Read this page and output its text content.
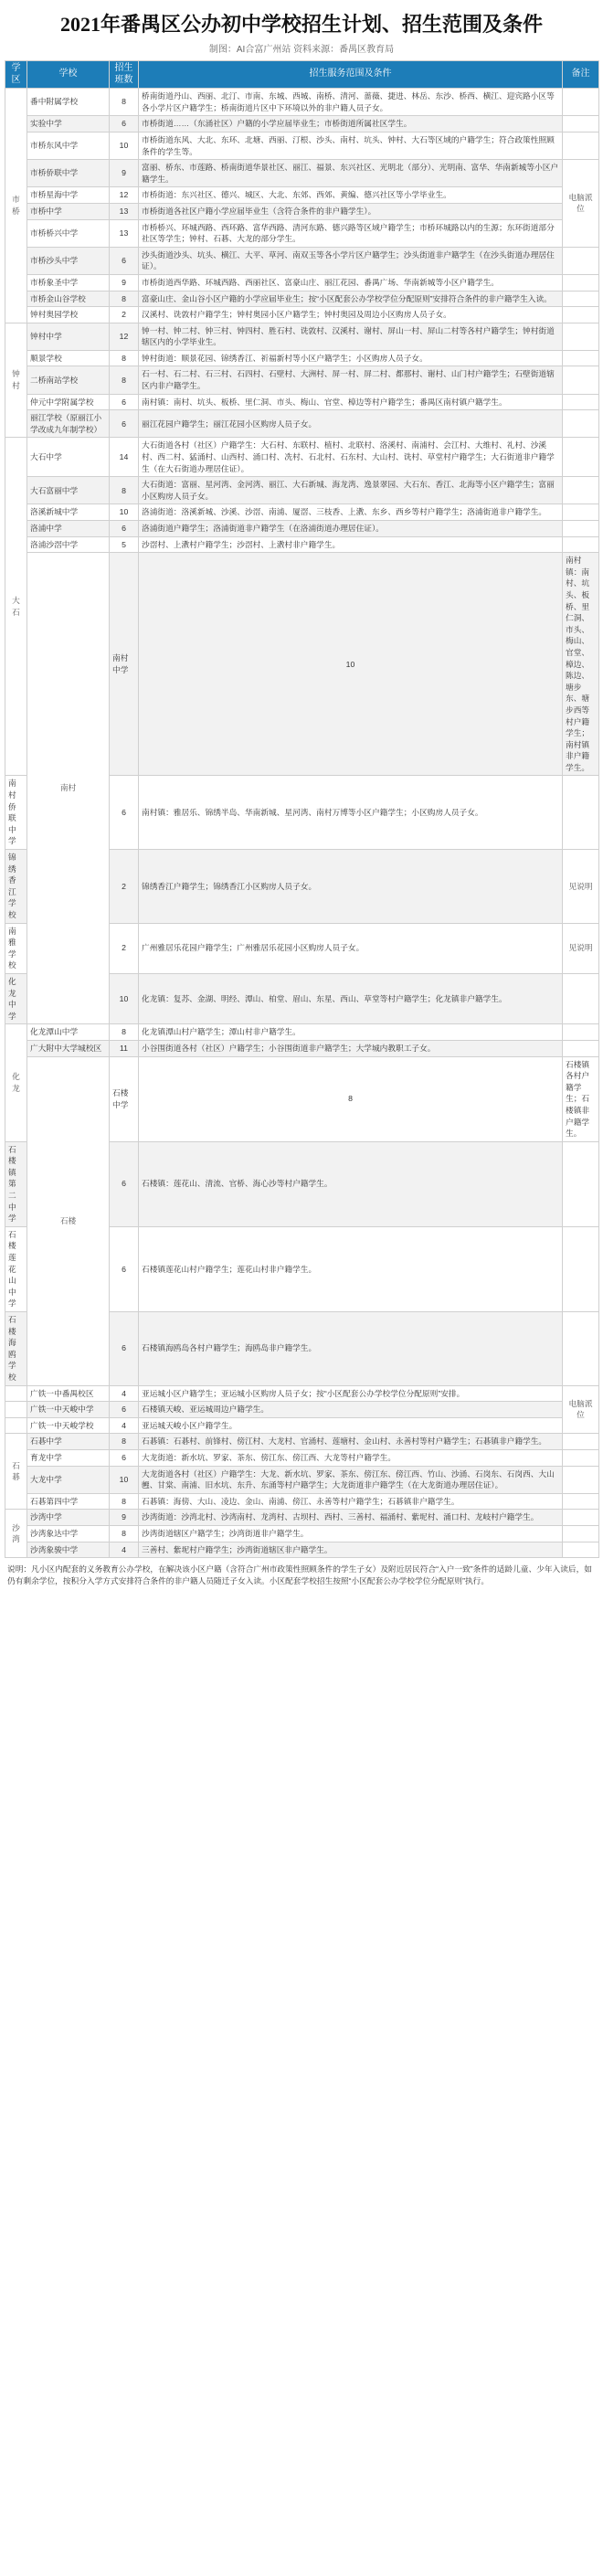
2021年番禺区公办初中学校招生计划、招生范围及条件
制图：AI合富广州站 资料来源：番禺区教育局
学区	学校	招生班数	招生服务范围及条件	备注	
市桥	番中附属学校	8	桥南街道丹山、西丽、北汀、市南、东城、西城、南桥、清河、蔷薇、捷进、林岳、东沙、桥西、横江、迎宾路小区等各小学片区户籍学生；桥南街道片区中下环境以外的非户籍人员子女。		
	实验中学	6	市桥街道……（东涌社区）户籍的小学应届毕业生；市桥街道所属社区学生。		
	市桥东风中学	10	市桥街道东风、大北、东环、北塘、西丽、汀根、沙头、南村、坑头、钟村、大石等区域的户籍学生；符合政策性照顾条件的学生等。		
	市桥侨联中学	9	富丽、桥东、市莲路、桥南街道华景社区、丽江、福景、东兴社区、光明北（部分）、光明南、富华、华南新城等小区户籍学生。	电脑派位	
	市桥星海中学	12	市桥街道：东兴社区、德兴、城区、大北、东郊、西郊、黄编、德兴社区等小学毕业生。		
	市桥中学	13	市桥街道各社区户籍小学应届毕业生（含符合条件的非户籍学生）。		
	市桥桥兴中学	13	市桥桥兴、环城西路、西环路、富华西路、清河东路、德兴路等区域户籍学生；市桥环城路以内的生源；东环街道部分社区等学生；钟村、石碁、大龙的部分学生。		
	市桥沙头中学	6	沙头街道沙头、坑头、横江、大平、草河、南双玉等各小学片区户籍学生；沙头街道非户籍学生（在沙头街道办理居住证）。		
	市桥象圣中学	9	市桥街道西华路、环城西路、西丽社区、富豪山庄、丽江花园、番禺广场、华南新城等小区户籍学生。		
	市桥金山谷学校	8	富豪山庄、金山谷小区户籍的小学应届毕业生；按“小区配套公办学校学位分配原则”安排符合条件的非户籍学生入读。		
	钟村奥园学校	2	汉溪村、诜敦村户籍学生；钟村奥园小区户籍学生；钟村奥园及周边小区购房人员子女。		
钟村	钟村中学	12	钟一村、钟二村、钟三村、钟四村、胜石村、诜敦村、汉溪村、谢村、屏山一村、屏山二村等各村户籍学生；钟村街道辖区内的小学毕业生。		
	顺景学校	8	钟村街道：顺景花园、锦绣香江、祈福新村等小区户籍学生；小区购房人员子女。		
	二桥南站学校	8	石一村、石二村、石三村、石四村、石壁村、大洲村、屏一村、屏二村、都那村、谢村、山门村户籍学生；石壁街道辖区内非户籍学生。		
	仲元中学附属学校	6	南村镇：南村、坑头、板桥、里仁洞、市头、梅山、官堂、樟边等村户籍学生；番禺区南村镇户籍学生。		
	丽江学校（原丽江小学改成九年制学校）	6	丽江花园户籍学生；丽江花园小区购房人员子女。		
大石	大石中学	14	大石街道各村（社区）户籍学生：大石村、东联村、植村、北联村、洛溪村、南浦村、会江村、大维村、礼村、沙溪村、西二村、猛涌村、山西村、涌口村、冼村、石北村、石东村、大山村、诜村、草堂村户籍学生；大石街道非户籍学生（在大石街道办理居住证）。		
	大石富丽中学	8	大石街道：富丽、星河湾、金河湾、丽江、大石新城、海龙湾、逸景翠园、大石东、香江、北海等小区户籍学生；富丽小区购房人员子女。		
	洛溪新城中学	10	洛浦街道：洛溪新城、沙溪、沙滘、南浦、厦滘、三枝香、上漖、东乡、西乡等村户籍学生；洛浦街道非户籍学生。		
	洛浦中学	6	洛浦街道户籍学生；洛浦街道非户籍学生（在洛浦街道办理居住证）。		
	洛浦沙滘中学	5	沙滘村、上漖村户籍学生；沙滘村、上漖村非户籍学生。		
	南村	南村中学	10	南村镇：南村、坑头、板桥、里仁洞、市头、梅山、官堂、樟边、陈边、塘步东、塘步西等村户籍学生；南村镇非户籍学生。	
南村侨联中学		6	南村镇：雅居乐、锦绣半岛、华南新城、星河湾、南村万博等小区户籍学生；小区购房人员子女。		
锦绣香江学校		2	锦绣香江户籍学生；锦绣香江小区购房人员子女。	见说明	
南雅学校		2	广州雅居乐花园户籍学生；广州雅居乐花园小区购房人员子女。	见说明	
化龙中学		10	化龙镇：复苏、金湖、明经、潭山、柏堂、眉山、东星、西山、草堂等村户籍学生；化龙镇非户籍学生。		
化龙	化龙潭山中学	8	化龙镇潭山村户籍学生；潭山村非户籍学生。		
	广大附中大学城校区	11	小谷围街道各村（社区）户籍学生；小谷围街道非户籍学生；大学城内教职工子女。		
	石楼	石楼中学	8	石楼镇各村户籍学生；石楼镇非户籍学生。	
石楼镇第二中学		6	石楼镇：莲花山、清流、官桥、海心沙等村户籍学生。		
石楼莲花山中学		6	石楼镇莲花山村户籍学生；莲花山村非户籍学生。		
石楼海鸥学校		6	石楼镇海鸥岛各村户籍学生；海鸥岛非户籍学生。		
	广铁一中番禺校区	4	亚运城小区户籍学生；亚运城小区购房人员子女；按“小区配套公办学校学位分配原则”安排。	电脑派位	
	广铁一中天峻中学	6	石楼镇天峻、亚运城周边户籍学生。		
	广铁一中天峻学校	4	亚运城天峻小区户籍学生。		
石碁	石碁中学	8	石碁镇：石碁村、前锋村、傍江村、大龙村、官涌村、莲塘村、金山村、永善村等村户籍学生；石碁镇非户籍学生。		
	育龙中学	6	大龙街道：新水坑、罗家、茶东、傍江东、傍江西、大龙等村户籍学生。		
	大龙中学	10	大龙街道各村（社区）户籍学生：大龙、新水坑、罗家、茶东、傍江东、傍江西、竹山、沙涌、石岗东、石岗西、大山乸、甘棠、南浦、旧水坑、东升、东涌等村户籍学生；大龙街道非户籍学生（在大龙街道办理居住证）。		
	石碁第四中学	8	石碁镇：海傍、大山、凌边、金山、南浦、傍江、永善等村户籍学生；石碁镇非户籍学生。		
沙湾	沙湾中学	9	沙湾街道：沙湾北村、沙湾南村、龙湾村、古坝村、西村、三善村、福涌村、紫坭村、涌口村、龙岐村户籍学生。		
	沙湾象达中学	8	沙湾街道辖区户籍学生；沙湾街道非户籍学生。		
	沙湾象骏中学	4	三善村、紫坭村户籍学生；沙湾街道辖区非户籍学生。		
说明：凡小区内配套的义务教育公办学校，在解决该小区户籍（含符合广州市政策性照顾条件的学生子女）及附近居民符合“入户一致”条件的适龄儿童、少年入读后，如仍有剩余学位，按积分入学方式安排符合条件的非户籍人员随迁子女入读。小区配套学校招生按照“小区配套公办学校学位分配原则”执行。
